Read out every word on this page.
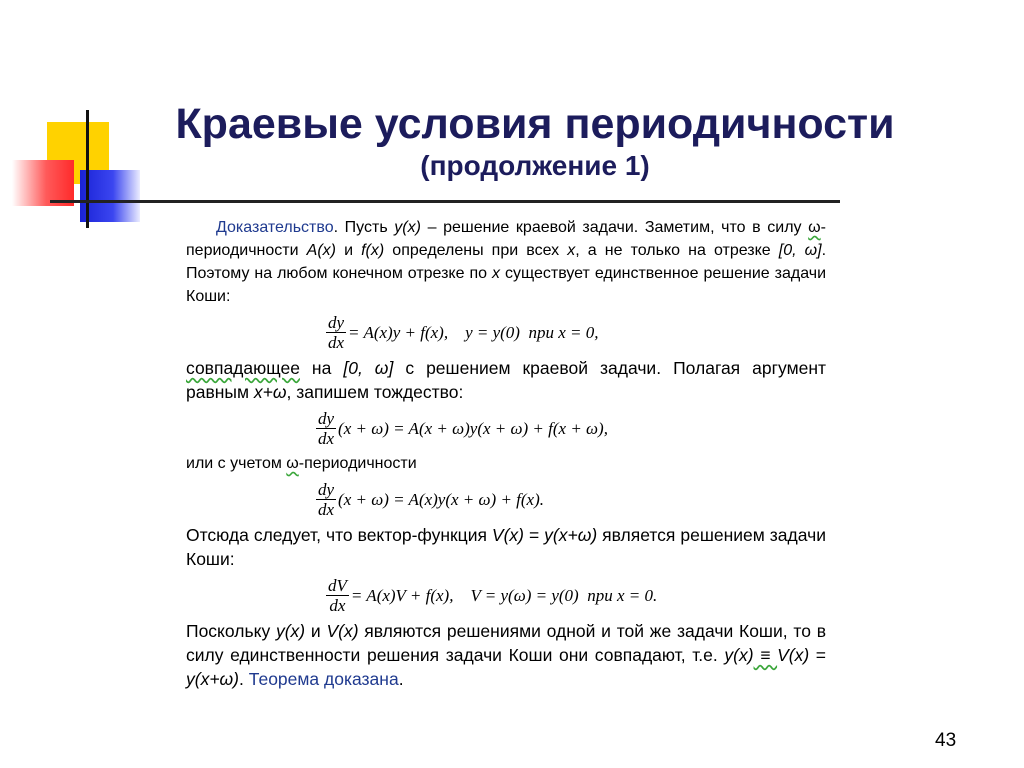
Краевые условия периодичности
(продолжение 1)

Доказательство. Пусть y(x) – решение краевой задачи. Заметим, что в силу ω-периодичности A(x) и f(x) определены при всех x, а не только на отрезке [0, ω]. Поэтому на любом конечном отрезке по x существует единственное решение задачи Коши:

$\frac{dy}{dx} = A(x)y + f(x)$,    y = y(0)  при x = 0,

совпадающее на [0, ω] с решением краевой задачи. Полагая аргумент равным x+ω, запишем тождество:

$\frac{dy}{dx} (x + \omega) = A(x + \omega)y(x + \omega) + f(x + \omega)$,

или с учетом ω-периодичности

$\frac{dy}{dx} (x + \omega) = A(x)y(x + \omega) + f(x)$.

Отсюда следует, что вектор-функция V(x) = y(x+ω) является решением задачи Коши:

$\frac{dV}{dx} = A(x)V + f(x)$,    V = y(ω) = y(0)  при x = 0.

Поскольку y(x) и V(x) являются решениями одной и той же задачи Коши, то в силу единственности решения задачи Коши они совпадают, т.е. y(x) ≡ V(x) = y(x+ω). Теорема доказана.

43
